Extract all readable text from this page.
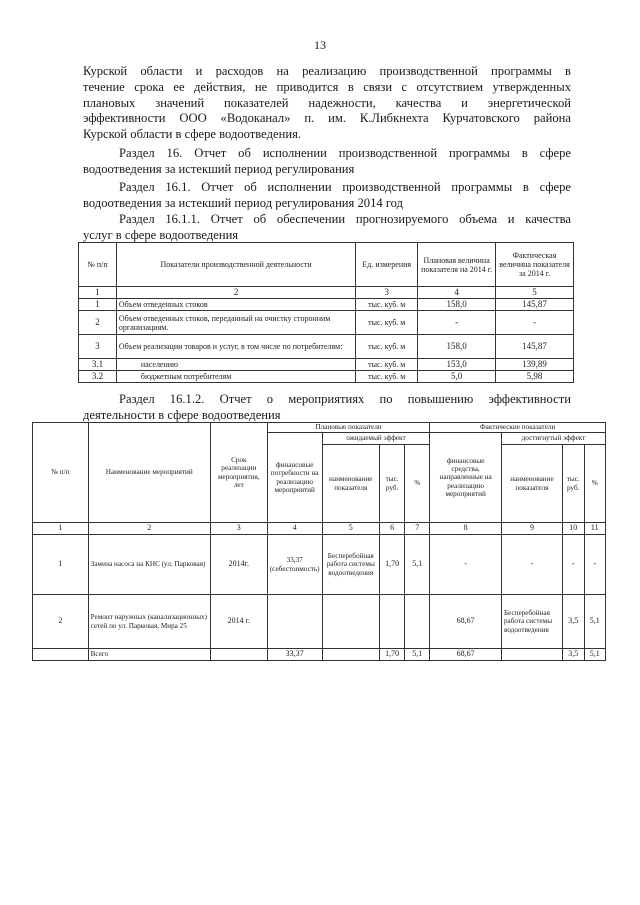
13
Курской области и расходов на реализацию производственной программы в
течение срока ее действия, не приводится в связи с отсутствием утвержденных
плановых значений показателей надежности, качества и энергетической
эффективности ООО «Водоканал» п. им. К.Либкнехта Курчатовского района
Курской области в сфере водоотведения.
Раздел 16. Отчет об исполнении производственной программы в сфере
водоотведения за истекший период регулирования
Раздел 16.1. Отчет об исполнении производственной программы в сфере
водоотведения за истекший период регулирования 2014 год
Раздел 16.1.1. Отчет об обеспечении прогнозируемого объема и качества
услуг в сфере водоотведения
№ п/п	Показатели производственной деятельности	Ед. измерения	Плановая величина показателя на 2014 г.	Фактическая величина показателя за 2014 г.
1	2	3	4	5
1	Объем отведенных стоков	тыс. куб. м	158,0	145,87
2	Объем отведенных стоков, переданный на очистку сторонним организациям.	тыс. куб. м	-	-
3	Объем реализации товаров и услуг, в том числе по потребителям:	тыс. куб. м	158,0	145,87
3.1	населению	тыс. куб. м	153,0	139,89
3.2	бюджетным потребителям	тыс. куб. м	5,0	5,98
Раздел 16.1.2. Отчет о мероприятиях по повышению эффективности
деятельности в сфере водоотведения
№ п/п	Наименование мероприятий	Срок реализации мероприятия, лет	Плановые показатели				Фактические показатели			
			финансовые потребности на реализацию мероприятий	ожидаемый эффект			финансовые средства, направленные на реализацию мероприятий	достигнутый эффект		
				наименование показателя	тыс. руб.	%		наименование показателя	тыс. руб.	%
1	2	3	4	5	6	7	8	9	10	11
1	Замена насоса на КНС (ул. Парковая)	2014г.	33,37 (себестоимость)	Бесперебойная работа системы водоотведения	1,70	5,1	-	-	-	-
2	Ремонт наружных (канализационных) сетей по ул. Парковая, Мира 25	2014 г.					68,67	Бесперебойная работа системы водоотведения	3,5	5,1
	Всего		33,37		1,70	5,1	68,67		3,5	5,1
